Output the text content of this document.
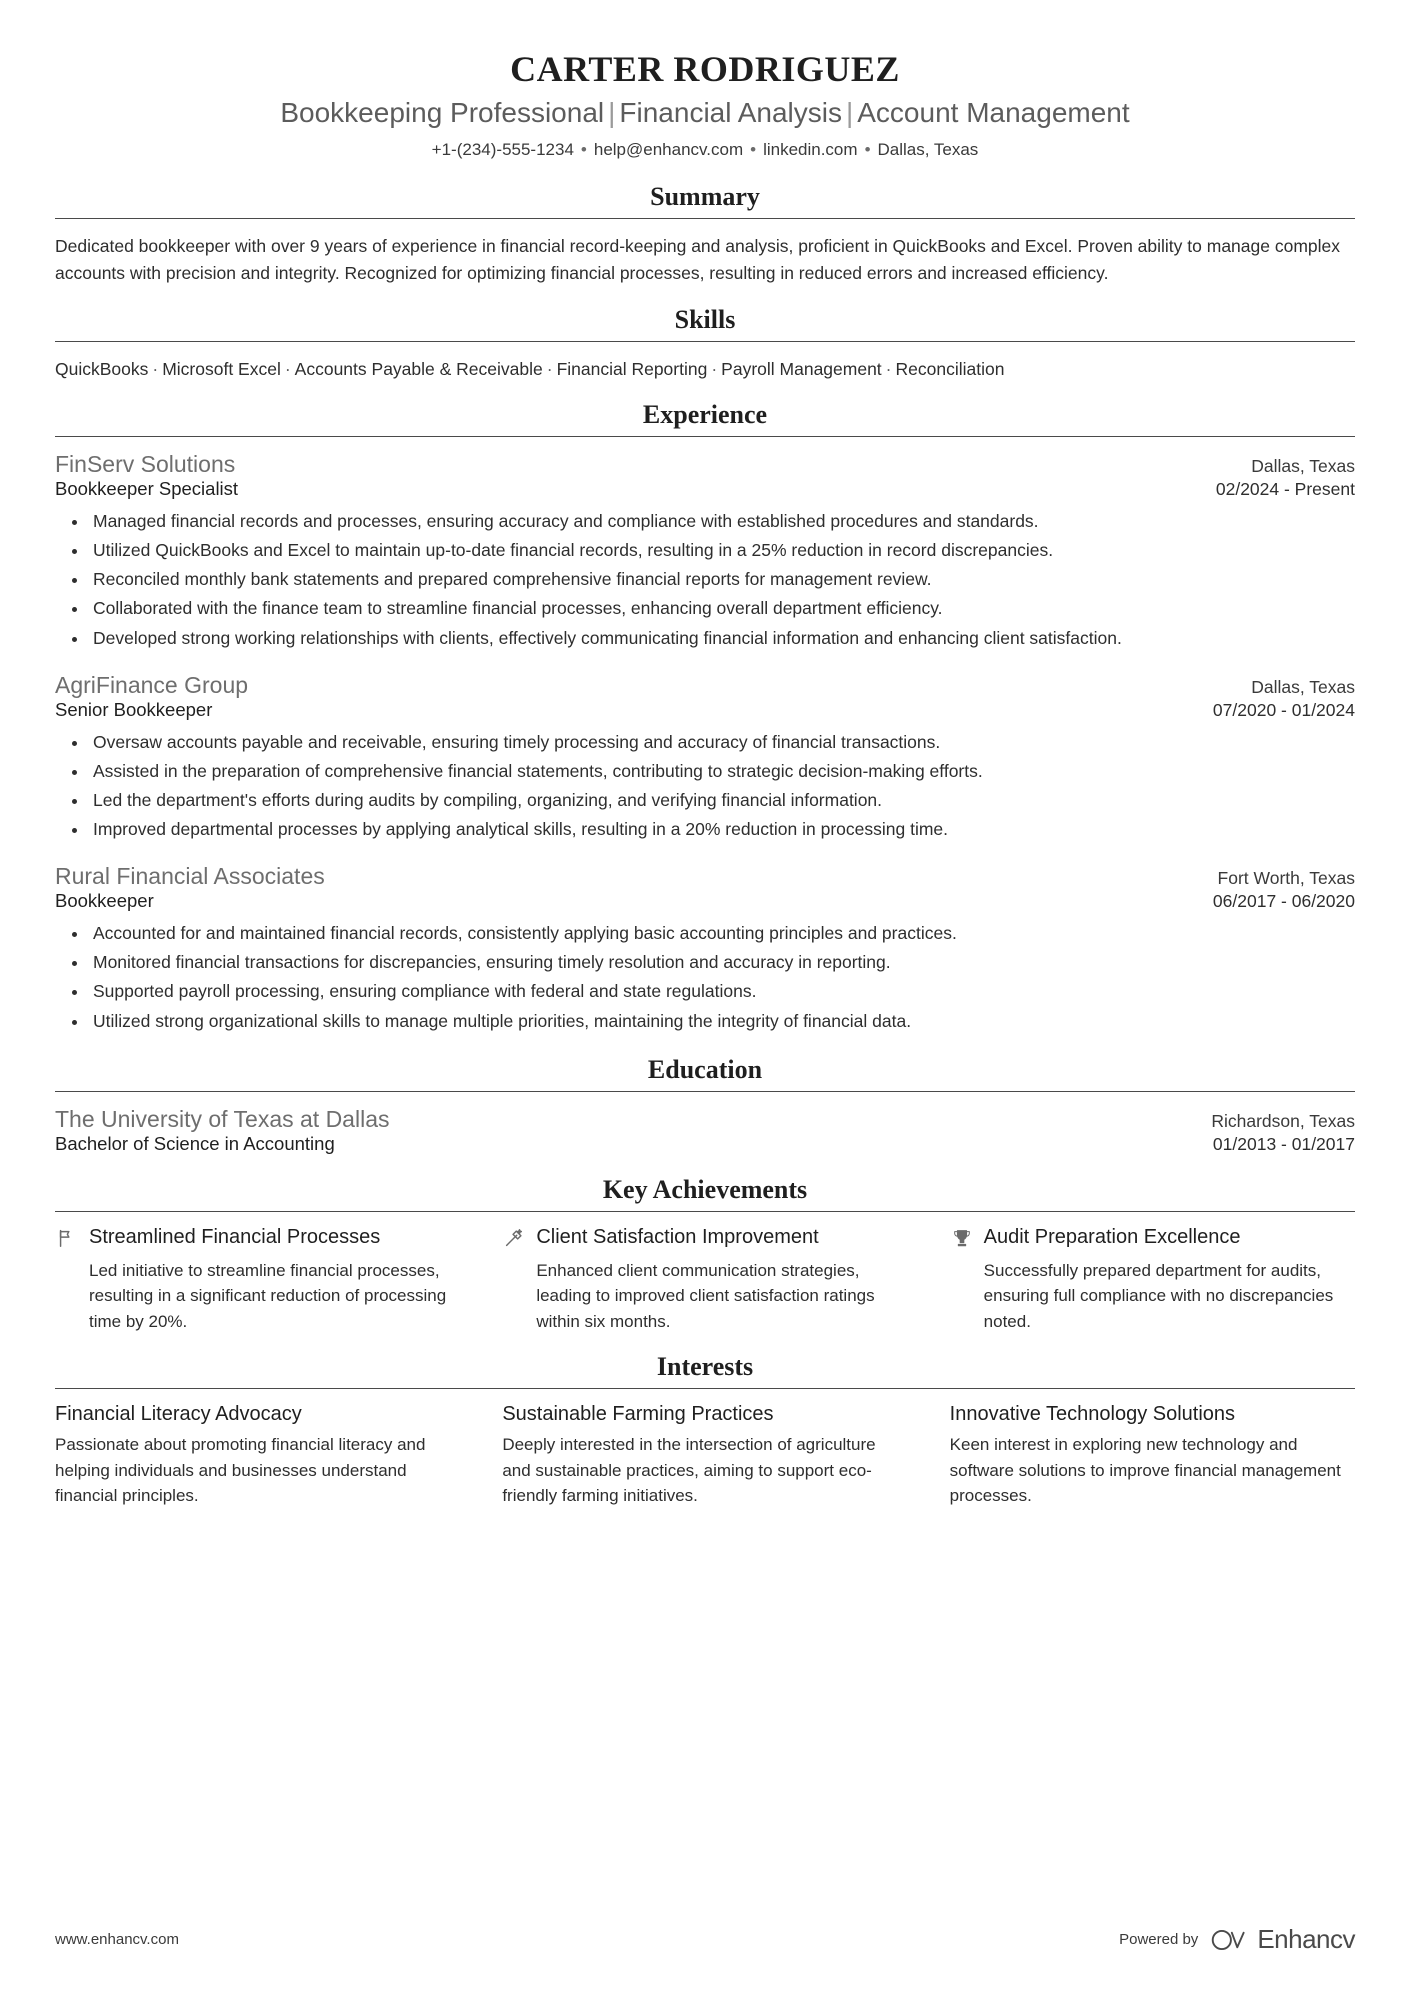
CARTER RODRIGUEZ
Bookkeeping Professional | Financial Analysis | Account Management
+1-(234)-555-1234 • help@enhancv.com • linkedin.com • Dallas, Texas
Summary
Dedicated bookkeeper with over 9 years of experience in financial record-keeping and analysis, proficient in QuickBooks and Excel. Proven ability to manage complex accounts with precision and integrity. Recognized for optimizing financial processes, resulting in reduced errors and increased efficiency.
Skills
QuickBooks · Microsoft Excel · Accounts Payable & Receivable · Financial Reporting · Payroll Management · Reconciliation
Experience
FinServ Solutions	Dallas, Texas
Bookkeeper Specialist	02/2024 - Present
• Managed financial records and processes, ensuring accuracy and compliance with established procedures and standards.
• Utilized QuickBooks and Excel to maintain up-to-date financial records, resulting in a 25% reduction in record discrepancies.
• Reconciled monthly bank statements and prepared comprehensive financial reports for management review.
• Collaborated with the finance team to streamline financial processes, enhancing overall department efficiency.
• Developed strong working relationships with clients, effectively communicating financial information and enhancing client satisfaction.
AgriFinance Group	Dallas, Texas
Senior Bookkeeper	07/2020 - 01/2024
• Oversaw accounts payable and receivable, ensuring timely processing and accuracy of financial transactions.
• Assisted in the preparation of comprehensive financial statements, contributing to strategic decision-making efforts.
• Led the department's efforts during audits by compiling, organizing, and verifying financial information.
• Improved departmental processes by applying analytical skills, resulting in a 20% reduction in processing time.
Rural Financial Associates	Fort Worth, Texas
Bookkeeper	06/2017 - 06/2020
• Accounted for and maintained financial records, consistently applying basic accounting principles and practices.
• Monitored financial transactions for discrepancies, ensuring timely resolution and accuracy in reporting.
• Supported payroll processing, ensuring compliance with federal and state regulations.
• Utilized strong organizational skills to manage multiple priorities, maintaining the integrity of financial data.
Education
The University of Texas at Dallas	Richardson, Texas
Bachelor of Science in Accounting	01/2013 - 01/2017
Key Achievements
Streamlined Financial Processes
Led initiative to streamline financial processes, resulting in a significant reduction of processing time by 20%.
Client Satisfaction Improvement
Enhanced client communication strategies, leading to improved client satisfaction ratings within six months.
Audit Preparation Excellence
Successfully prepared department for audits, ensuring full compliance with no discrepancies noted.
Interests
Financial Literacy Advocacy
Passionate about promoting financial literacy and helping individuals and businesses understand financial principles.
Sustainable Farming Practices
Deeply interested in the intersection of agriculture and sustainable practices, aiming to support eco-friendly farming initiatives.
Innovative Technology Solutions
Keen interest in exploring new technology and software solutions to improve financial management processes.
www.enhancv.com	Powered by Enhancv
